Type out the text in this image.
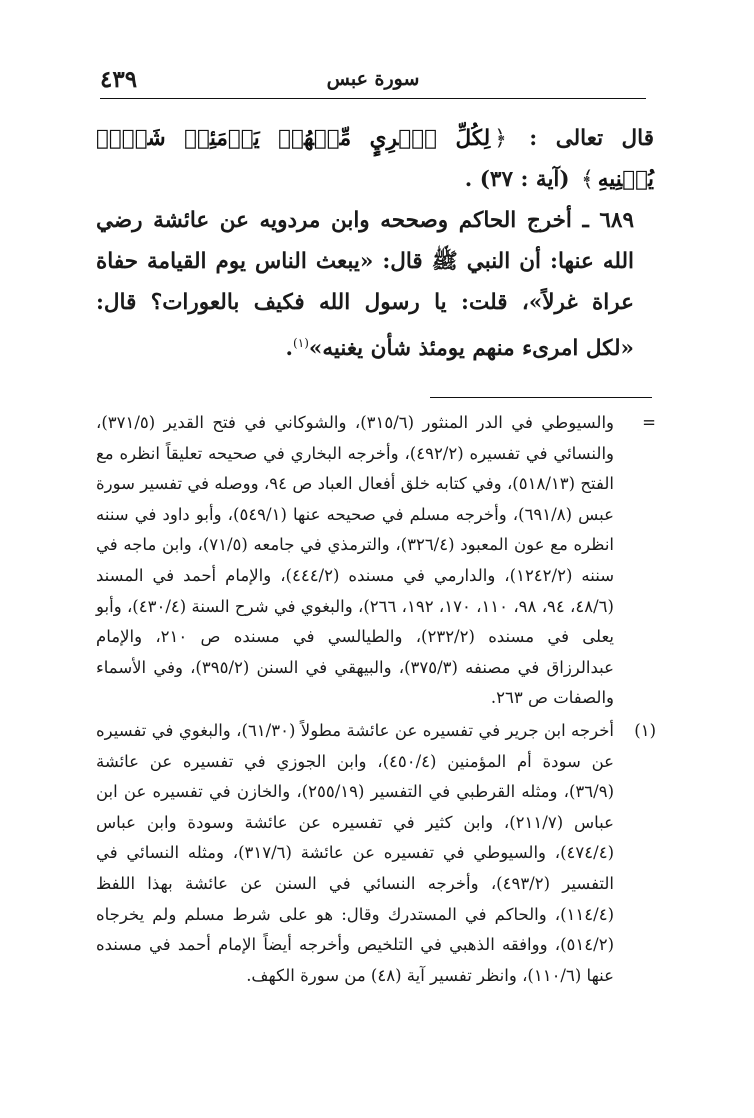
٤٣٩	سورة عبس

قال تعالى : ﴿لِكُلِّ ٱمۡرِيٍٕ مِّنۡهُمۡ يَوۡمَئِذٖ شَأۡنٞ يُغۡنِيهِ﴾ (آية : ٣٧) .

٦٨٩ ـ أخرج الحاكم وصححه وابن مردويه عن عائشة رضي الله عنها: أن النبي ﷺ قال: «يبعث الناس يوم القيامة حفاة عراة غرلاً»، قلت: يا رسول الله فكيف بالعورات؟ قال: «لكل امرىء منهم يومئذ شأن يغنيه»$^{(١)}$.

=

والسيوطي في الدر المنثور (٣١٥/٦)، والشوكاني في فتح القدير (٣٧١/٥)، والنسائي في تفسيره (٤٩٢/٢)، وأخرجه البخاري في صحيحه تعليقاً انظره مع الفتح (٥١٨/١٣)، وفي كتابه خلق أفعال العباد ص ٩٤، ووصله في تفسير سورة عبس (٦٩١/٨)، وأخرجه مسلم في صحيحه عنها (٥٤٩/١)، وأبو داود في سننه انظره مع عون المعبود (٣٢٦/٤)، والترمذي في جامعه (٧١/٥)، وابن ماجه في سننه (١٢٤٢/٢)، والدارمي في مسنده (٤٤٤/٢)، والإمام أحمد في المسند (٤٨/٦، ٩٤، ٩٨، ١١٠، ١٧٠، ١٩٢، ٢٦٦)، والبغوي في شرح السنة (٤٣٠/٤)، وأبو يعلى في مسنده (٢٣٢/٢)، والطيالسي في مسنده ص ٢١٠، والإمام عبدالرزاق في مصنفه (٣٧٥/٣)، والبيهقي في السنن (٣٩٥/٢)، وفي الأسماء والصفات ص ٢٦٣.

(١)

أخرجه ابن جرير في تفسيره عن عائشة مطولاً (٦١/٣٠)، والبغوي في تفسيره عن سودة أم المؤمنين (٤٥٠/٤)، وابن الجوزي في تفسيره عن عائشة (٣٦/٩)، ومثله القرطبي في التفسير (٢٥٥/١٩)، والخازن في تفسيره عن ابن عباس (٢١١/٧)، وابن كثير في تفسيره عن عائشة وسودة وابن عباس (٤٧٤/٤)، والسيوطي في تفسيره عن عائشة (٣١٧/٦)، ومثله النسائي في التفسير (٤٩٣/٢)، وأخرجه النسائي في السنن عن عائشة بهذا اللفظ (١١٤/٤)، والحاكم في المستدرك وقال: هو على شرط مسلم ولم يخرجاه (٥١٤/٢)، ووافقه الذهبي في التلخيص وأخرجه أيضاً الإمام أحمد في مسنده عنها (١١٠/٦)، وانظر تفسير آية (٤٨) من سورة الكهف.
